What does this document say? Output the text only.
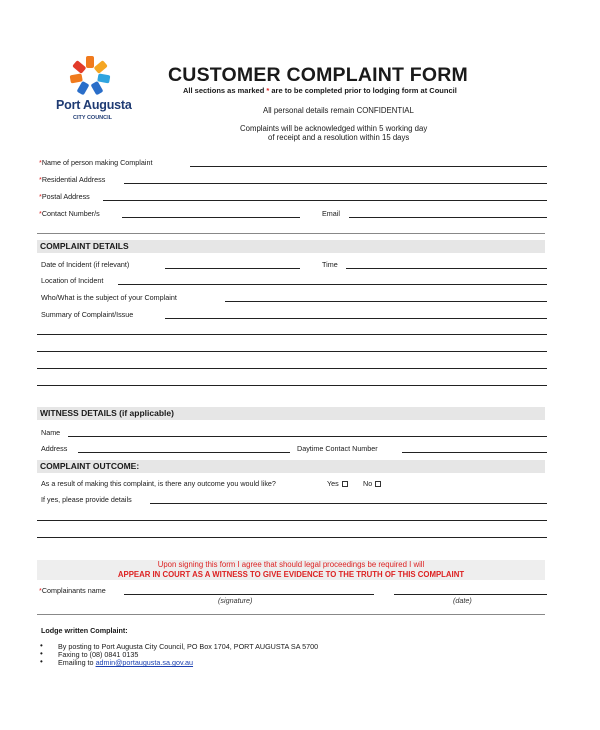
Port Augusta
CITY COUNCIL
CUSTOMER COMPLAINT FORM
All sections as marked * are to be completed prior to lodging form at Council
All personal details remain CONFIDENTIAL
Complaints will be acknowledged within 5 working day
of receipt and a resolution within 15 days
*Name of person making Complaint
*Residential Address
*Postal Address
*Contact Number/s	Email
COMPLAINT DETAILS
Date of Incident (if relevant)	Time
Location of Incident
Who/What is the subject of your Complaint
Summary of Complaint/Issue
WITNESS DETAILS (if applicable)
Name
Address	Daytime Contact Number
COMPLAINT OUTCOME:
As a result of making this complaint, is there any outcome you would like?	Yes	No
If yes, please provide details
Upon signing this form I agree that should legal proceedings be required I will
APPEAR IN COURT AS A WITNESS TO GIVE EVIDENCE TO THE TRUTH OF THIS COMPLAINT
*Complainants name
(signature)	(date)
Lodge written Complaint:
• By posting to Port Augusta City Council, PO Box 1704, PORT AUGUSTA SA 5700
• Faxing to (08) 0841 0135
• Emailing to admin@portaugusta.sa.gov.au
